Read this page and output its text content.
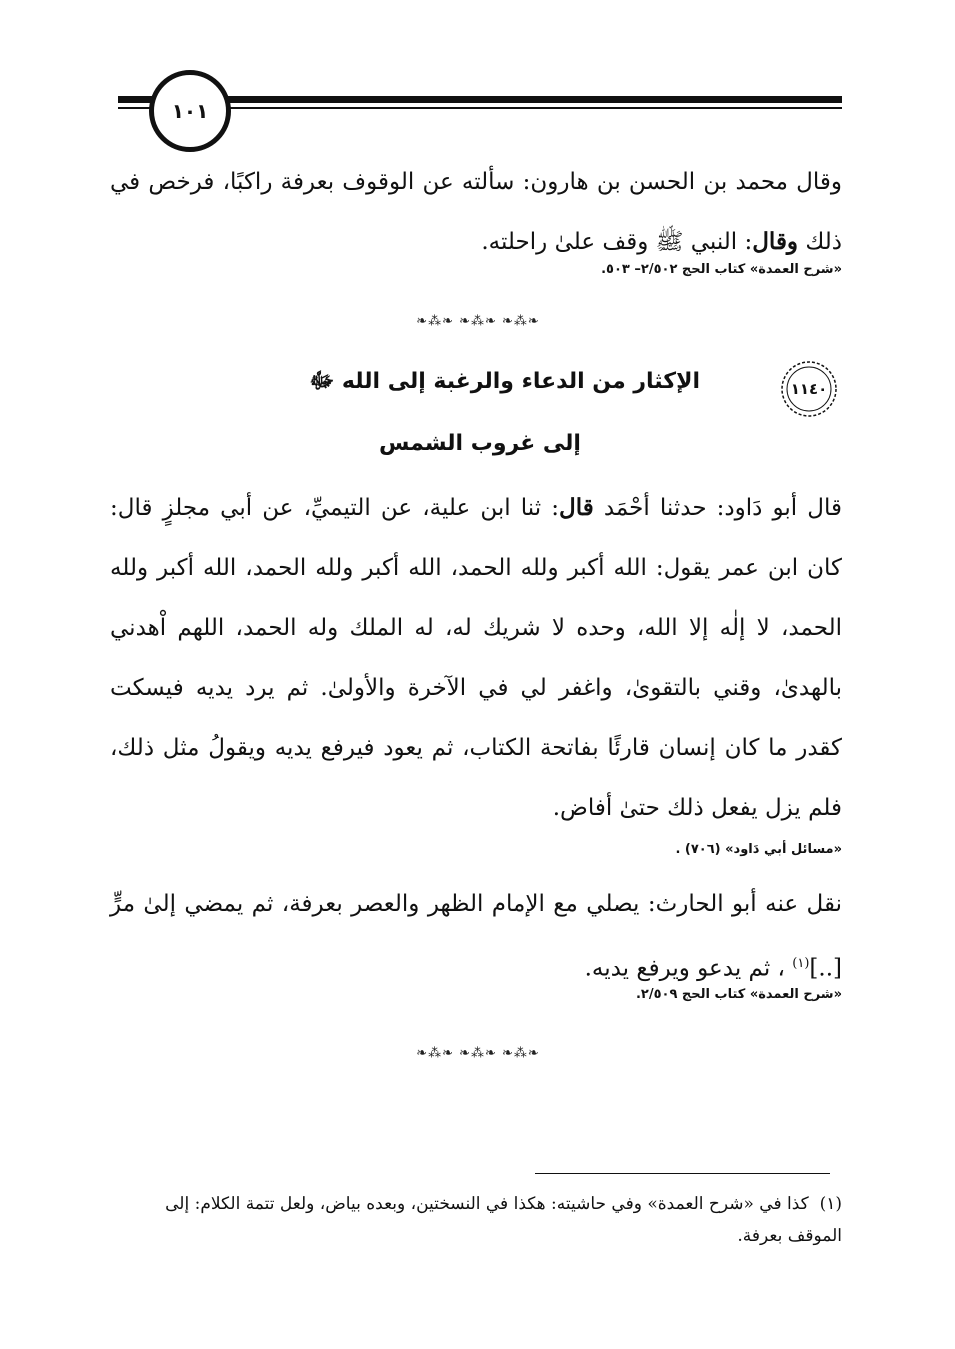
١٠١
وقال محمد بن الحسن بن هارون: سألته عن الوقوف بعرفة راكبًا، فرخص في ذلك وقال: النبي ﷺ وقف علىٰ راحلته.
«شرح العمدة» كتاب الحج ٢/٥٠٢– ٥٠٣.
❧⁂❧ ❧⁂❧ ❧⁂❧
١١٤٠
الإكثار من الدعاء والرغبة إلى الله ﷻ
إلى غروب الشمس
قال أبو دَاود: حدثنا أحْمَد قال: ثنا ابن علية، عن التيميِّ، عن أبي مجلزٍ قال: كان ابن عمر يقول: الله أكبر ولله الحمد، الله أكبر ولله الحمد، الله أكبر ولله الحمد، لا إلٰه إلا الله، وحده لا شريك له، له الملك وله الحمد، اللهم اْهدني بالهدىٰ، وقني بالتقوىٰ، واغفر لي في الآخرة والأولىٰ. ثم يرد يديه فيسكت كقدر ما كان إنسان قارئًا بفاتحة الكتاب، ثم يعود فيرفع يديه ويقولُ مثل ذلك، فلم يزل يفعل ذلك حتىٰ أفاض.
«مسائل أبي دَاود» (٧٠٦) .
نقل عنه أبو الحارث: يصلي مع الإمام الظهر والعصر بعرفة، ثم يمضي إلىٰ مرٍّ [..]$^{(١)}$ ، ثم يدعو ويرفع يديه.
«شرح العمدة» كتاب الحج ٢/٥٠٩.
❧⁂❧ ❧⁂❧ ❧⁂❧
(١)  كذا في «شرح العمدة» وفي حاشيته: هكذا في النسختين، وبعده بياض، ولعل تتمة الكلام: إلى الموقف بعرفة.
